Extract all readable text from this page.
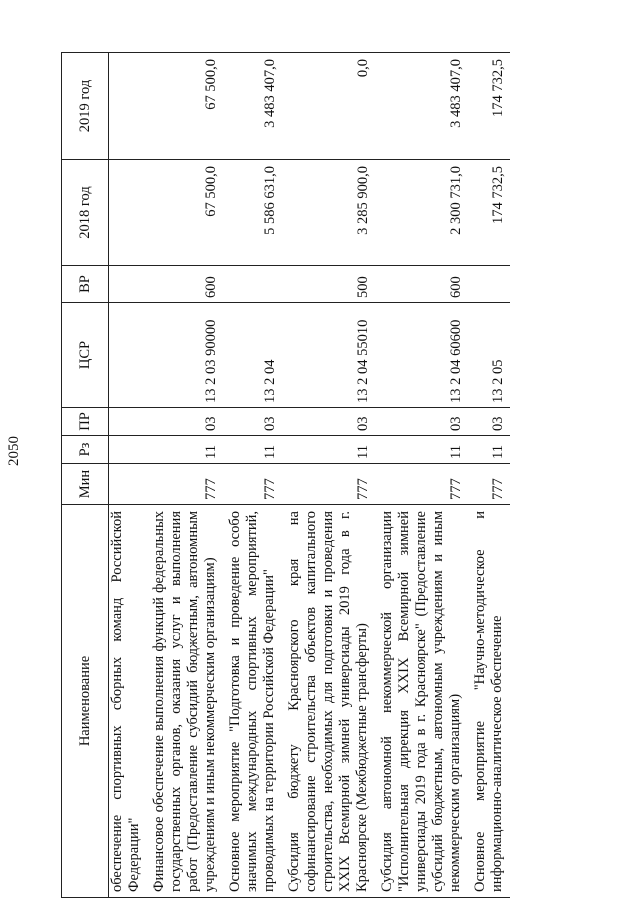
2050
Наименование	Мин	Рз	ПР	ЦСР	ВР	2018 год	2019 год
обеспечение спортивных сборных команд Российской Федерации"							
Финансовое обеспечение выполнения функций федеральных государственных органов, оказания услуг и выполнения работ (Предоставление субсидий бюджетным, автономным учреждениям и иным некоммерческим организациям)	777	11	03	13 2 03 90000	600	67 500,0	67 500,0
Основное мероприятие "Подготовка и проведение особо значимых международных спортивных мероприятий, проводимых на территории Российской Федерации"	777	11	03	13 2 04		5 586 631,0	3 483 407,0
Субсидия бюджету Красноярского края на софинансирование строительства объектов капитального строительства, необходимых для подготовки и проведения XXIX Всемирной зимней универсиады 2019 года в г. Красноярске (Межбюджетные трансферты)	777	11	03	13 2 04 55010	500	3 285 900,0	0,0
Субсидия автономной некоммерческой организации "Исполнительная дирекция XXIX Всемирной зимней универсиады 2019 года в г. Красноярске" (Предоставление субсидий бюджетным, автономным учреждениям и иным некоммерческим организациям)	777	11	03	13 2 04 60600	600	2 300 731,0	3 483 407,0
Основное мероприятие "Научно-методическое и информационно-аналитическое обеспечение	777	11	03	13 2 05		174 732,5	174 732,5
